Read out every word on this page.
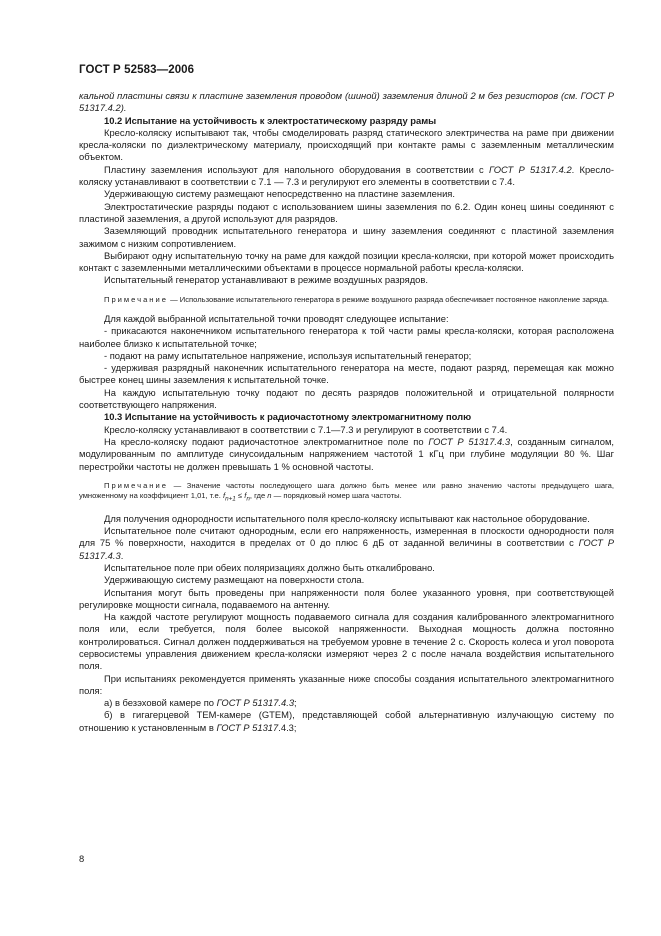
ГОСТ Р 52583—2006

кальной пластины связи к пластине заземления проводом (шиной) заземления длиной 2 м без резисторов (см. ГОСТ Р 51317.4.2).

10.2 Испытание на устойчивость к электростатическому разряду рамы

Кресло-коляску испытывают так, чтобы смоделировать разряд статического электричества на раме при движении кресла-коляски по диэлектрическому материалу, происходящий при контакте рамы с заземленным металлическим объектом.

Пластину заземления используют для напольного оборудования в соответствии с ГОСТ Р 51317.4.2. Кресло-коляску устанавливают в соответствии с 7.1 — 7.3 и регулируют его элементы в соответствии с 7.4.

Удерживающую систему размещают непосредственно на пластине заземления.

Электростатические разряды подают с использованием шины заземления по 6.2. Один конец шины соединяют с пластиной заземления, а другой используют для разрядов.

Заземляющий проводник испытательного генератора и шину заземления соединяют с пластиной заземления зажимом с низким сопротивлением.

Выбирают одну испытательную точку на раме для каждой позиции кресла-коляски, при которой может происходить контакт с заземленными металлическими объектами в процессе нормальной работы кресла-коляски.

Испытательный генератор устанавливают в режиме воздушных разрядов.

Примечание — Использование испытательного генератора в режиме воздушного разряда обеспечивает постоянное накопление заряда.

Для каждой выбранной испытательной точки проводят следующее испытание:

- прикасаются наконечником испытательного генератора к той части рамы кресла-коляски, которая расположена наиболее близко к испытательной точке;

- подают на раму испытательное напряжение, используя испытательный генератор;

- удерживая разрядный наконечник испытательного генератора на месте, подают разряд, перемещая как можно быстрее конец шины заземления к испытательной точке.

На каждую испытательную точку подают по десять разрядов положительной и отрицательной полярности соответствующего напряжения.

10.3 Испытание на устойчивость к радиочастотному электромагнитному полю

Кресло-коляску устанавливают в соответствии с 7.1—7.3 и регулируют в соответствии с 7.4.

На кресло-коляску подают радиочастотное электромагнитное поле по ГОСТ Р 51317.4.3, созданным сигналом, модулированным по амплитуде синусоидальным напряжением частотой 1 кГц при глубине модуляции 80 %. Шаг перестройки частоты не должен превышать 1 % основной частоты.

Примечание — Значение частоты последующего шага должно быть менее или равно значению частоты предыдущего шага, умноженному на коэффициент 1,01, т.е. $f_{n+1} \le f_n$, где n — порядковый номер шага частоты.

Для получения однородности испытательного поля кресло-коляску испытывают как настольное оборудование.

Испытательное поле считают однородным, если его напряженность, измеренная в плоскости однородности поля для 75 % поверхности, находится в пределах от 0 до плюс 6 дБ от заданной величины в соответствии с ГОСТ Р 51317.4.3.

Испытательное поле при обеих поляризациях должно быть откалибровано.

Удерживающую систему размещают на поверхности стола.

Испытания могут быть проведены при напряженности поля более указанного уровня, при соответствующей регулировке мощности сигнала, подаваемого на антенну.

На каждой частоте регулируют мощность подаваемого сигнала для создания калиброванного электромагнитного поля или, если требуется, поля более высокой напряженности. Выходная мощность должна постоянно контролироваться. Сигнал должен поддерживаться на требуемом уровне в течение 2 с. Скорость колеса и угол поворота сервосистемы управления движением кресла-коляски измеряют через 2 с после начала воздействия испытательного поля.

При испытаниях рекомендуется применять указанные ниже способы создания испытательного электромагнитного поля:

а) в безэховой камере по ГОСТ Р 51317.4.3;

б) в гигагерцевой ТЕМ-камере (GTEM), представляющей собой альтернативную излучающую систему по отношению к установленным в ГОСТ Р 51317.4.3;

8
